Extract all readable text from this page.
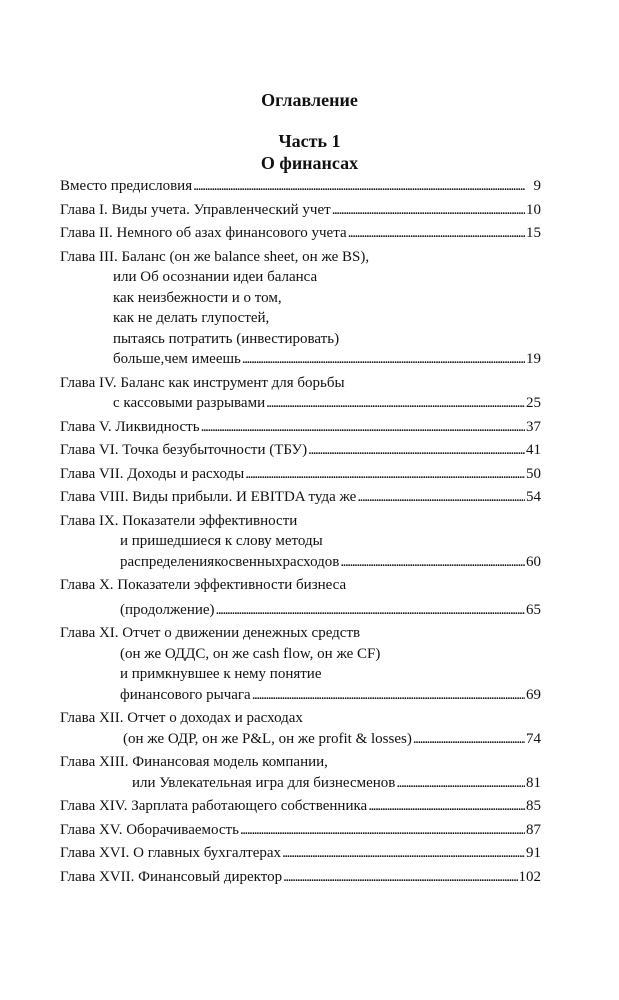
Оглавление
Часть 1
О финансах
Вместо предисловия . . .	9
Глава I. Виды учета. Управленческий учет . . .	10
Глава II. Немного об азах финансового учета . . .	15
Глава III. Баланс (он же balance sheet, он же BS),
или Об осознании идеи баланса
как неизбежности и о том,
как не делать глупостей,
пытаясь потратить (инвестировать)
больше,чем имеешь . . .	19
Глава IV. Баланс как инструмент для борьбы
с кассовыми разрывами . . .	25
Глава V. Ликвидность . . .	37
Глава VI. Точка безубыточности (ТБУ) . . .	41
Глава VII. Доходы и расходы . . .	50
Глава VIII. Виды прибыли. И EBITDA туда же . . .	54
Глава IX. Показатели эффективности
и пришедшиеся к слову методы
распределениякосвенныхрасходов . . .	60
Глава X. Показатели эффективности бизнеса
(продолжение) . . .	65
Глава XI. Отчет о движении денежных средств
(он же ОДДС, он же cash flow, он же CF)
и примкнувшее к нему понятие
финансового рычага . . .	69
Глава XII. Отчет о доходах и расходах
(он же ОДР, он же P&L, он же profit & losses) . . .	74
Глава XIII. Финансовая модель компании,
или Увлекательная игра для бизнесменов . . .	81
Глава XIV. Зарплата работающего собственника . . .	85
Глава XV. Оборачиваемость . . .	87
Глава XVI. О главных бухгалтерах . . .	91
Глава XVII. Финансовый директор . . .	102
